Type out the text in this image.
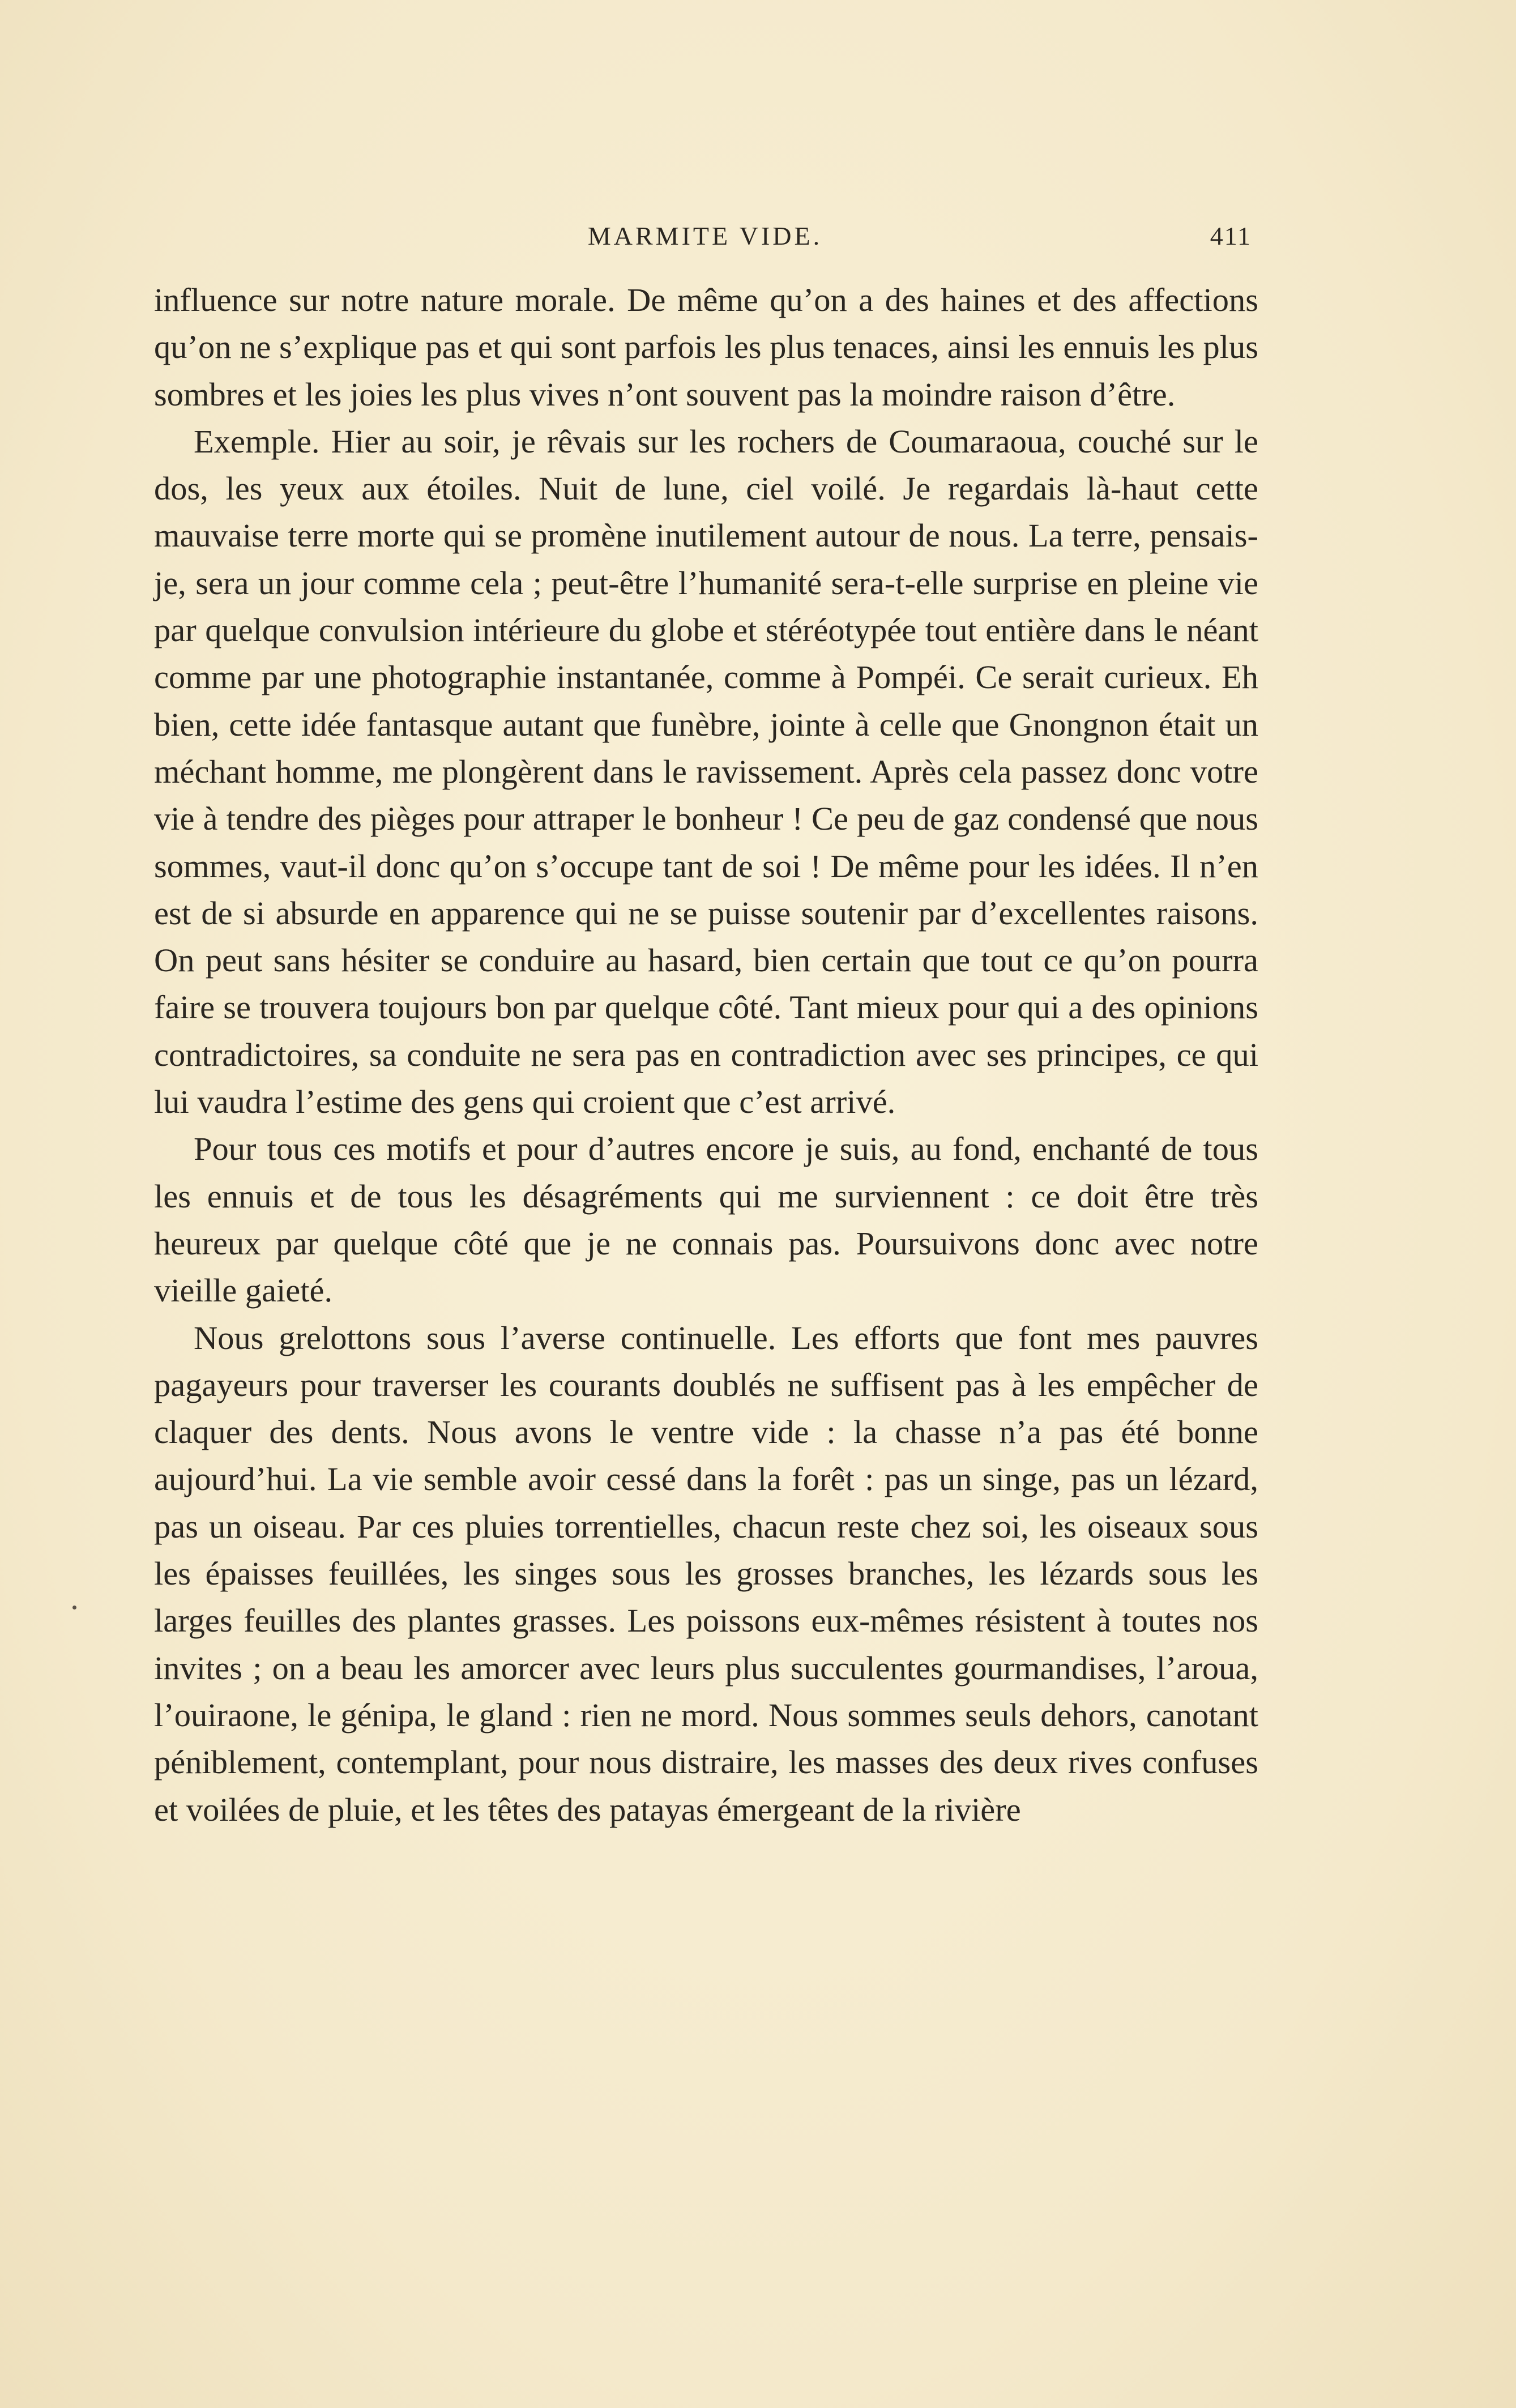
MARMITE VIDE.	411

influence sur notre nature morale. De même qu’on a des haines et des affections qu’on ne s’explique pas et qui sont parfois les plus tenaces, ainsi les ennuis les plus sombres et les joies les plus vives n’ont souvent pas la moindre raison d’être.

Exemple. Hier au soir, je rêvais sur les rochers de Coumaraoua, couché sur le dos, les yeux aux étoiles. Nuit de lune, ciel voilé. Je regardais là-haut cette mauvaise terre morte qui se promène inutilement autour de nous. La terre, pensais-je, sera un jour comme cela ; peut-être l’humanité sera-t-elle surprise en pleine vie par quelque convulsion intérieure du globe et stéréotypée tout entière dans le néant comme par une photographie instantanée, comme à Pompéi. Ce serait curieux. Eh bien, cette idée fantasque autant que funèbre, jointe à celle que Gnongnon était un méchant homme, me plongèrent dans le ravissement. Après cela passez donc votre vie à tendre des pièges pour attraper le bonheur ! Ce peu de gaz condensé que nous sommes, vaut-il donc qu’on s’occupe tant de soi ! De même pour les idées. Il n’en est de si absurde en apparence qui ne se puisse soutenir par d’excellentes raisons. On peut sans hésiter se conduire au hasard, bien certain que tout ce qu’on pourra faire se trouvera toujours bon par quelque côté. Tant mieux pour qui a des opinions contradictoires, sa conduite ne sera pas en contradiction avec ses principes, ce qui lui vaudra l’estime des gens qui croient que c’est arrivé.

Pour tous ces motifs et pour d’autres encore je suis, au fond, enchanté de tous les ennuis et de tous les désagréments qui me surviennent : ce doit être très heureux par quelque côté que je ne connais pas. Poursuivons donc avec notre vieille gaieté.

Nous grelottons sous l’averse continuelle. Les efforts que font mes pauvres pagayeurs pour traverser les courants doublés ne suffisent pas à les empêcher de claquer des dents. Nous avons le ventre vide : la chasse n’a pas été bonne aujourd’hui. La vie semble avoir cessé dans la forêt : pas un singe, pas un lézard, pas un oiseau. Par ces pluies torrentielles, chacun reste chez soi, les oiseaux sous les épaisses feuillées, les singes sous les grosses branches, les lézards sous les larges feuilles des plantes grasses. Les poissons eux-mêmes résistent à toutes nos invites ; on a beau les amorcer avec leurs plus succulentes gourmandises, l’aroua, l’ouiraone, le génipa, le gland : rien ne mord. Nous sommes seuls dehors, canotant péniblement, contemplant, pour nous distraire, les masses des deux rives confuses et voilées de pluie, et les têtes des patayas émergeant de la rivière
